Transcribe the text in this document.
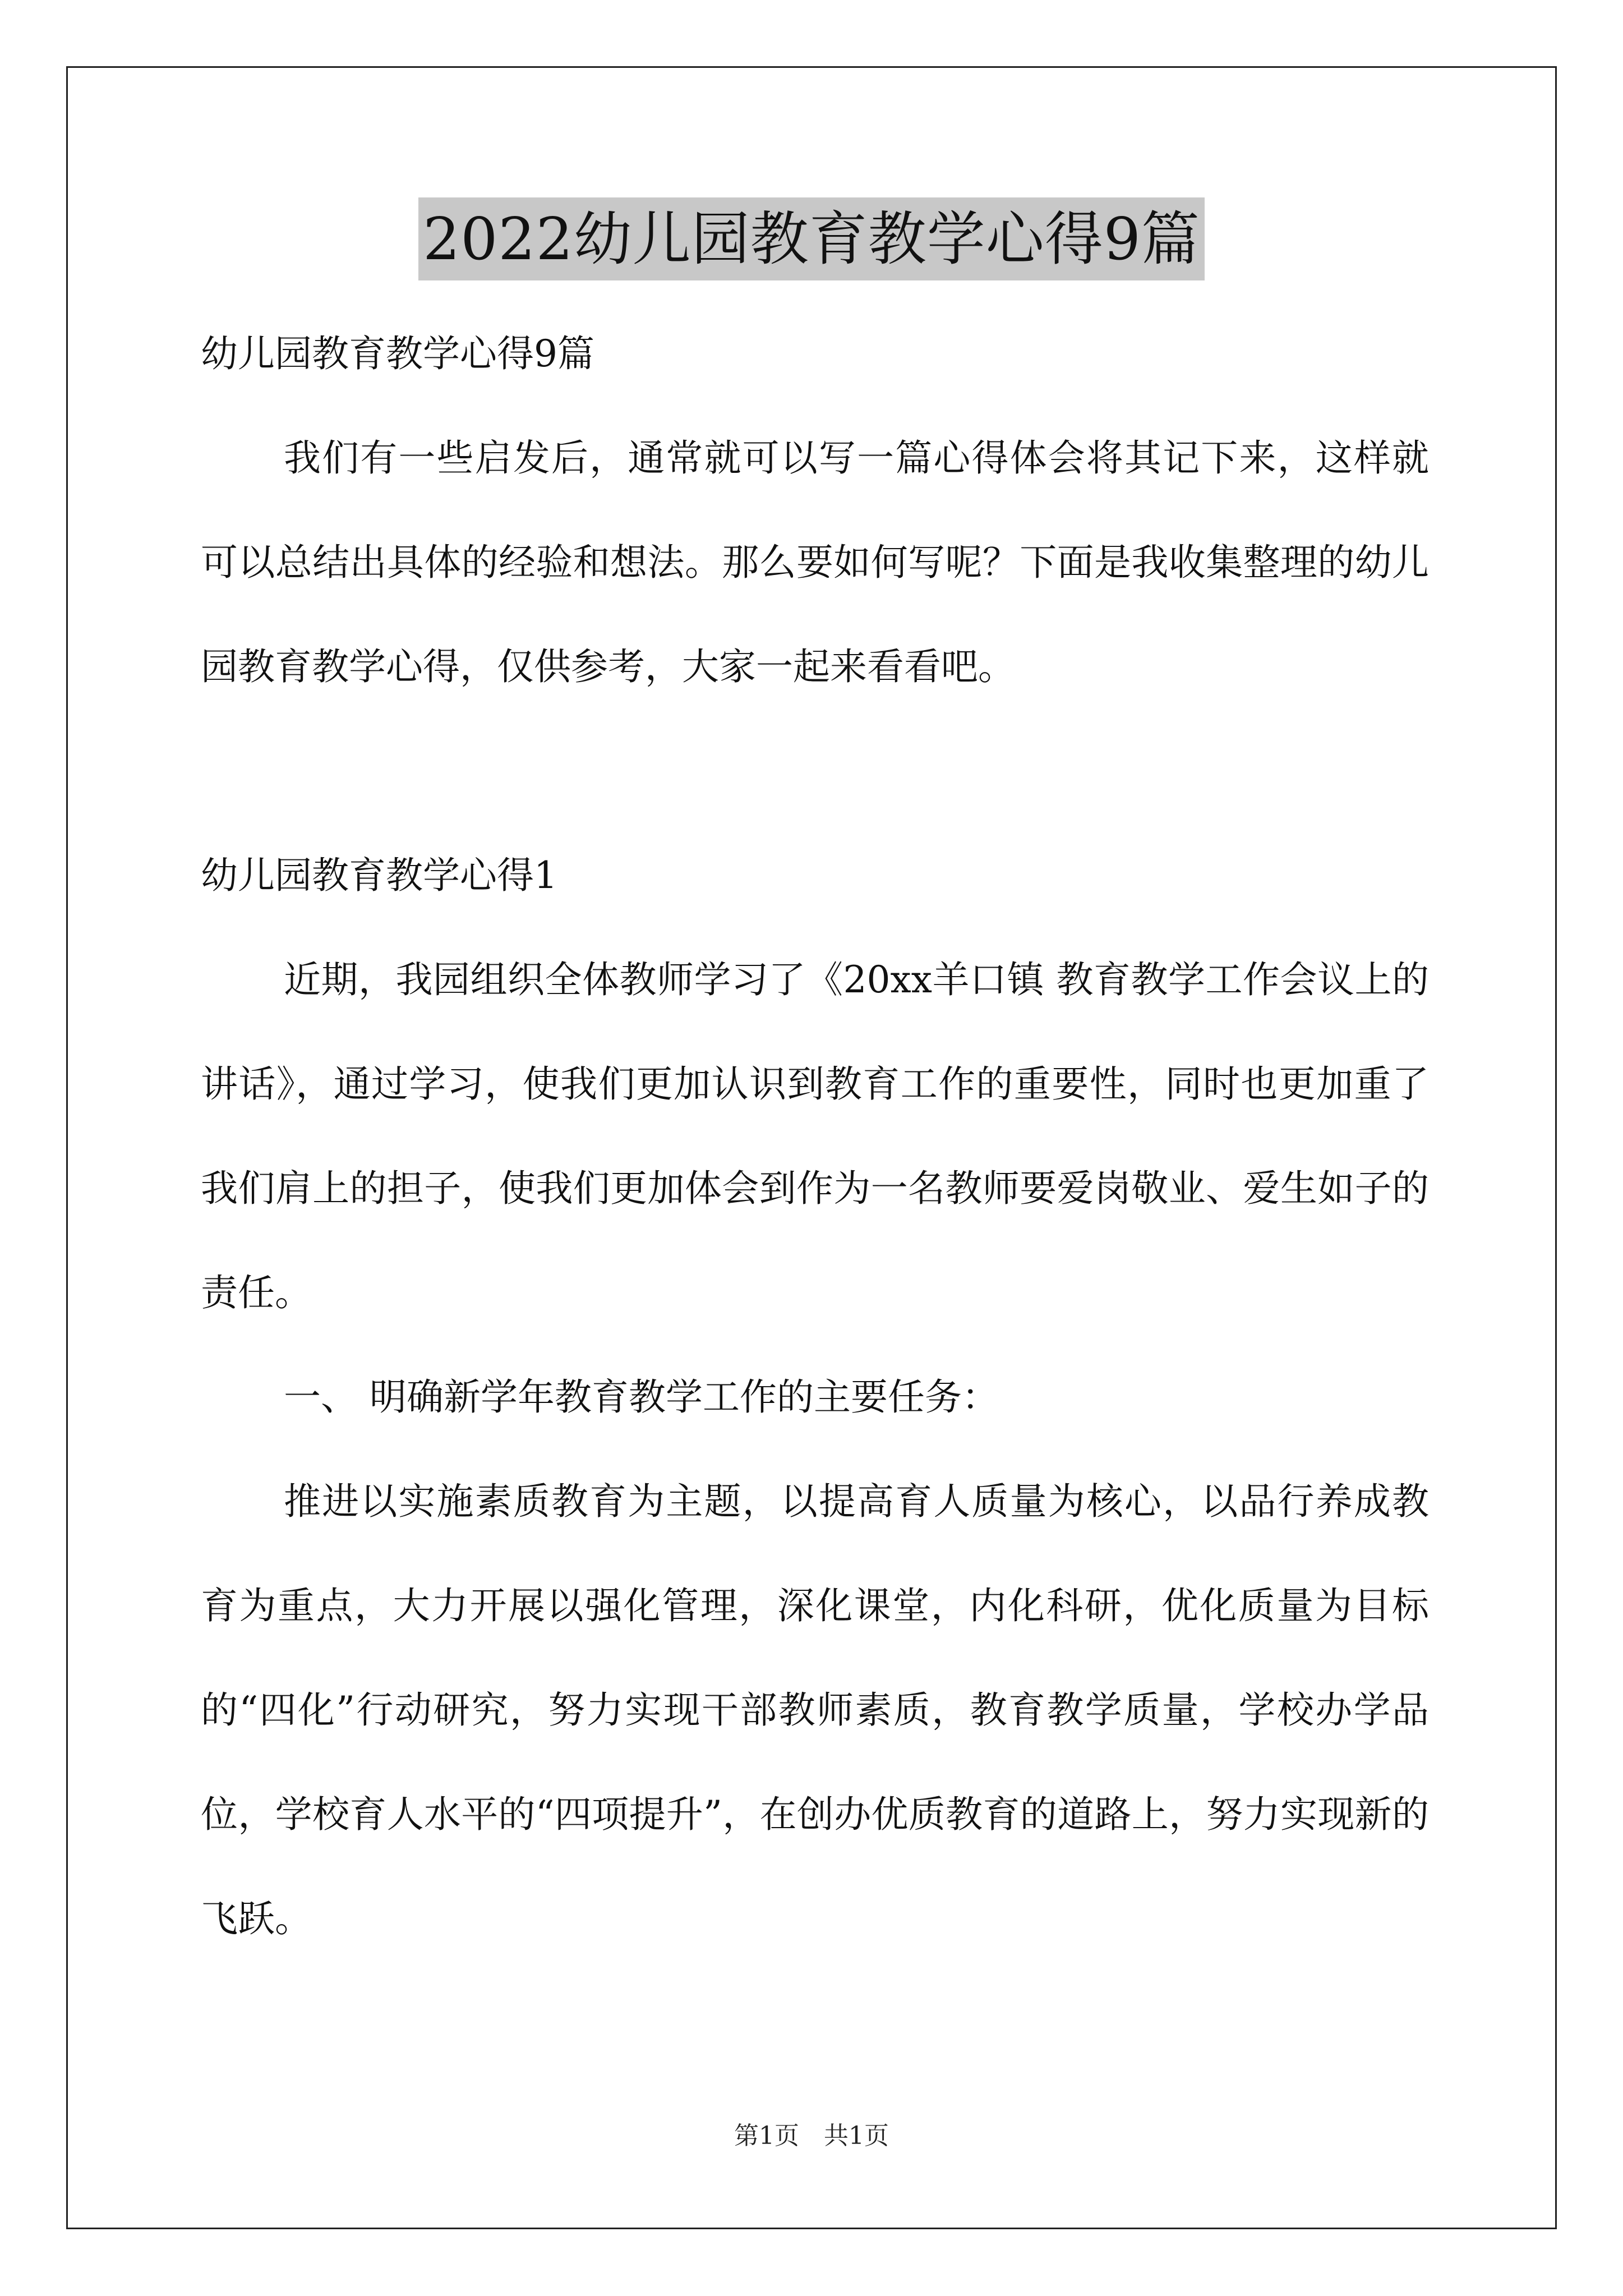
2022幼儿园教育教学心得9篇

幼儿园教育教学心得9篇

我们有一些启发后，通常就可以写一篇心得体会将其记下来，这样就可以总结出具体的经验和想法。那么要如何写呢？下面是我收集整理的幼儿园教育教学心得，仅供参考，大家一起来看看吧。

幼儿园教育教学心得1

近期，我园组织全体教师学习了《20xx羊口镇 教育教学工作会议上的讲话》，通过学习，使我们更加认识到教育工作的重要性，同时也更加重了我们肩上的担子，使我们更加体会到作为一名教师要爱岗敬业、爱生如子的责任。

一、 明确新学年教育教学工作的主要任务：

推进以实施素质教育为主题，以提高育人质量为核心，以品行养成教育为重点，大力开展以强化管理，深化课堂，内化科研，优化质量为目标的“四化”行动研究，努力实现干部教师素质，教育教学质量，学校办学品位，学校育人水平的“四项提升”，在创办优质教育的道路上，努力实现新的飞跃。

第1页　共1页
